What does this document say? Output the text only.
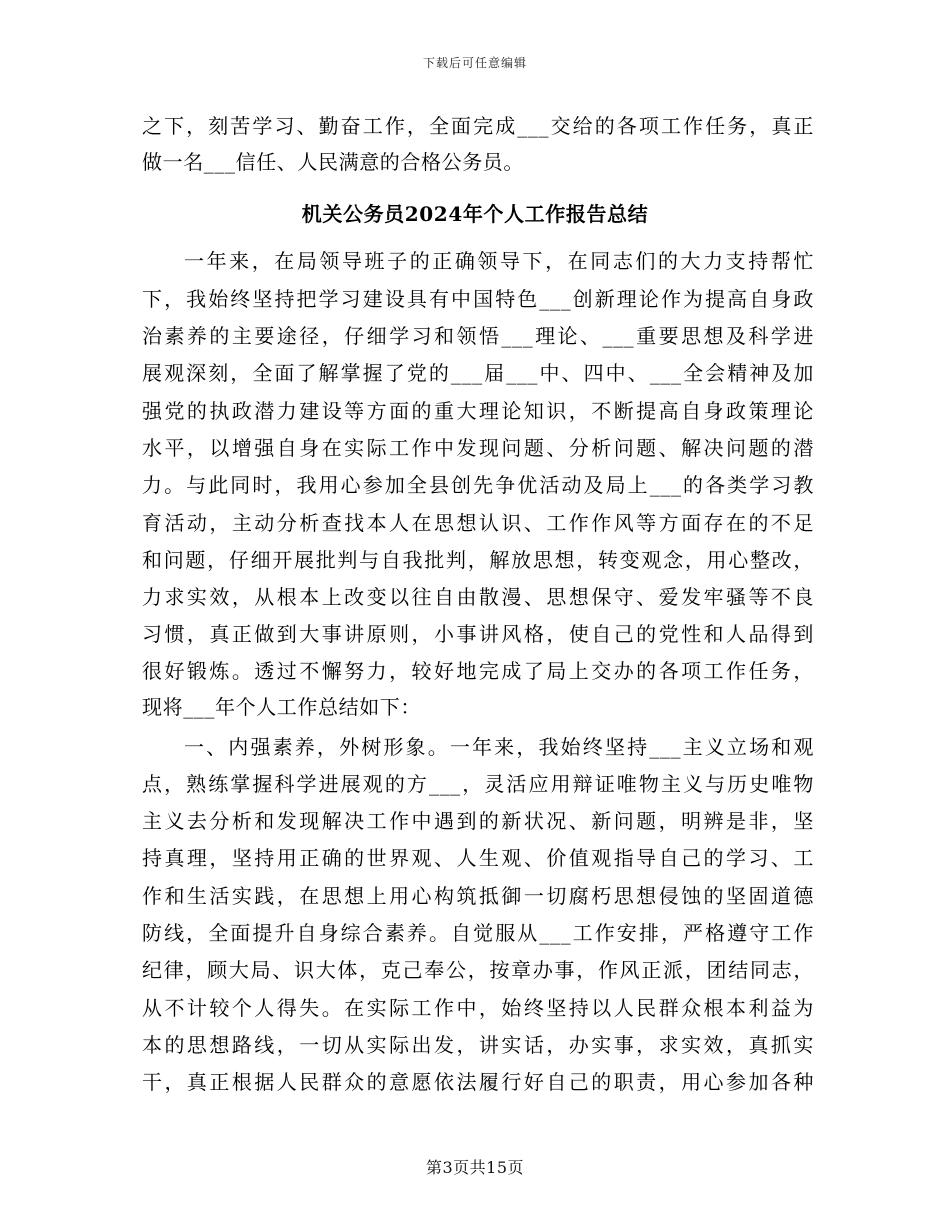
下载后可任意编辑
之下，刻苦学习、勤奋工作，全面完成___交给的各项工作任务，真正
做一名___信任、人民满意的合格公务员。
机关公务员2024年个人工作报告总结
一年来，在局领导班子的正确领导下，在同志们的大力支持帮忙
下，我始终坚持把学习建设具有中国特色___创新理论作为提高自身政
治素养的主要途径，仔细学习和领悟___理论、___重要思想及科学进
展观深刻，全面了解掌握了党的___届___中、四中、___全会精神及加
强党的执政潜力建设等方面的重大理论知识，不断提高自身政策理论
水平，以增强自身在实际工作中发现问题、分析问题、解决问题的潜
力。与此同时，我用心参加全县创先争优活动及局上___的各类学习教
育活动，主动分析查找本人在思想认识、工作作风等方面存在的不足
和问题，仔细开展批判与自我批判，解放思想，转变观念，用心整改，
力求实效，从根本上改变以往自由散漫、思想保守、爱发牢骚等不良
习惯，真正做到大事讲原则，小事讲风格，使自己的党性和人品得到
很好锻炼。透过不懈努力，较好地完成了局上交办的各项工作任务，
现将___年个人工作总结如下：
一、内强素养，外树形象。一年来，我始终坚持___主义立场和观
点，熟练掌握科学进展观的方___，灵活应用辩证唯物主义与历史唯物
主义去分析和发现解决工作中遇到的新状况、新问题，明辨是非，坚
持真理，坚持用正确的世界观、人生观、价值观指导自己的学习、工
作和生活实践，在思想上用心构筑抵御一切腐朽思想侵蚀的坚固道德
防线，全面提升自身综合素养。自觉服从___工作安排，严格遵守工作
纪律，顾大局、识大体，克己奉公，按章办事，作风正派，团结同志，
从不计较个人得失。在实际工作中，始终坚持以人民群众根本利益为
本的思想路线，一切从实际出发，讲实话，办实事，求实效，真抓实
干，真正根据人民群众的意愿依法履行好自己的职责，用心参加各种
第3页共15页
